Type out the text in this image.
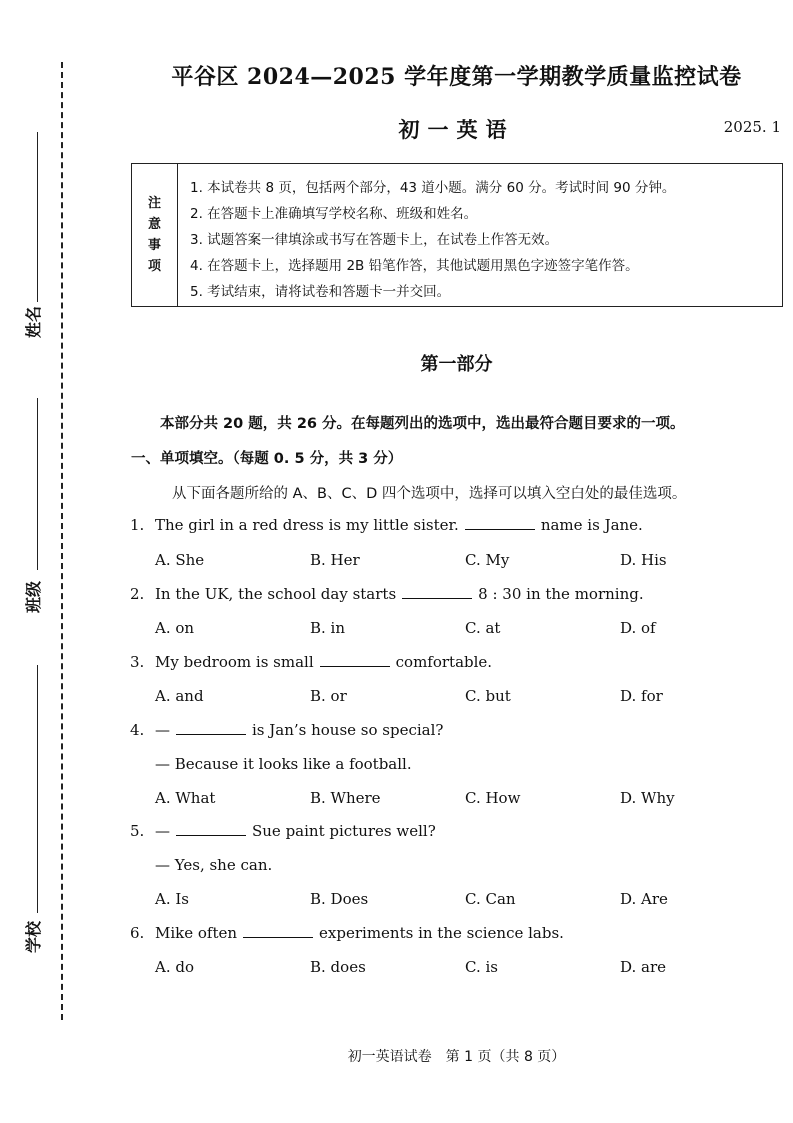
姓名
班级
学校
平谷区 2024—2025 学年度第一学期教学质量监控试卷
初一英语	2025. 1
注
意
事
项
1. 本试卷共 8 页，包括两个部分，43 道小题。满分 60 分。考试时间 90 分钟。
2. 在答题卡上准确填写学校名称、班级和姓名。
3. 试题答案一律填涂或书写在答题卡上，在试卷上作答无效。
4. 在答题卡上，选择题用 2B 铅笔作答，其他试题用黑色字迹签字笔作答。
5. 考试结束，请将试卷和答题卡一并交回。
第一部分
本部分共 20 题，共 26 分。在每题列出的选项中，选出最符合题目要求的一项。
一、单项填空。（每题 0. 5 分，共 3 分）
从下面各题所给的 A、B、C、D 四个选项中，选择可以填入空白处的最佳选项。
1. The girl in a red dress is my little sister.	name is Jane.
A. She	B. Her	C. My	D. His
2. In the UK, the school day starts	8 : 30 in the morning.
A. on	B. in	C. at	D. of
3. My bedroom is small	comfortable.
A. and	B. or	C. but	D. for
4. —	is Jan’s house so special?
— Because it looks like a football.
A. What	B. Where	C. How	D. Why
5. —	Sue paint pictures well?
— Yes, she can.
A. Is	B. Does	C. Can	D. Are
6. Mike often	experiments in the science labs.
A. do	B. does	C. is	D. are
初一英语试卷　第 1 页（共 8 页）
